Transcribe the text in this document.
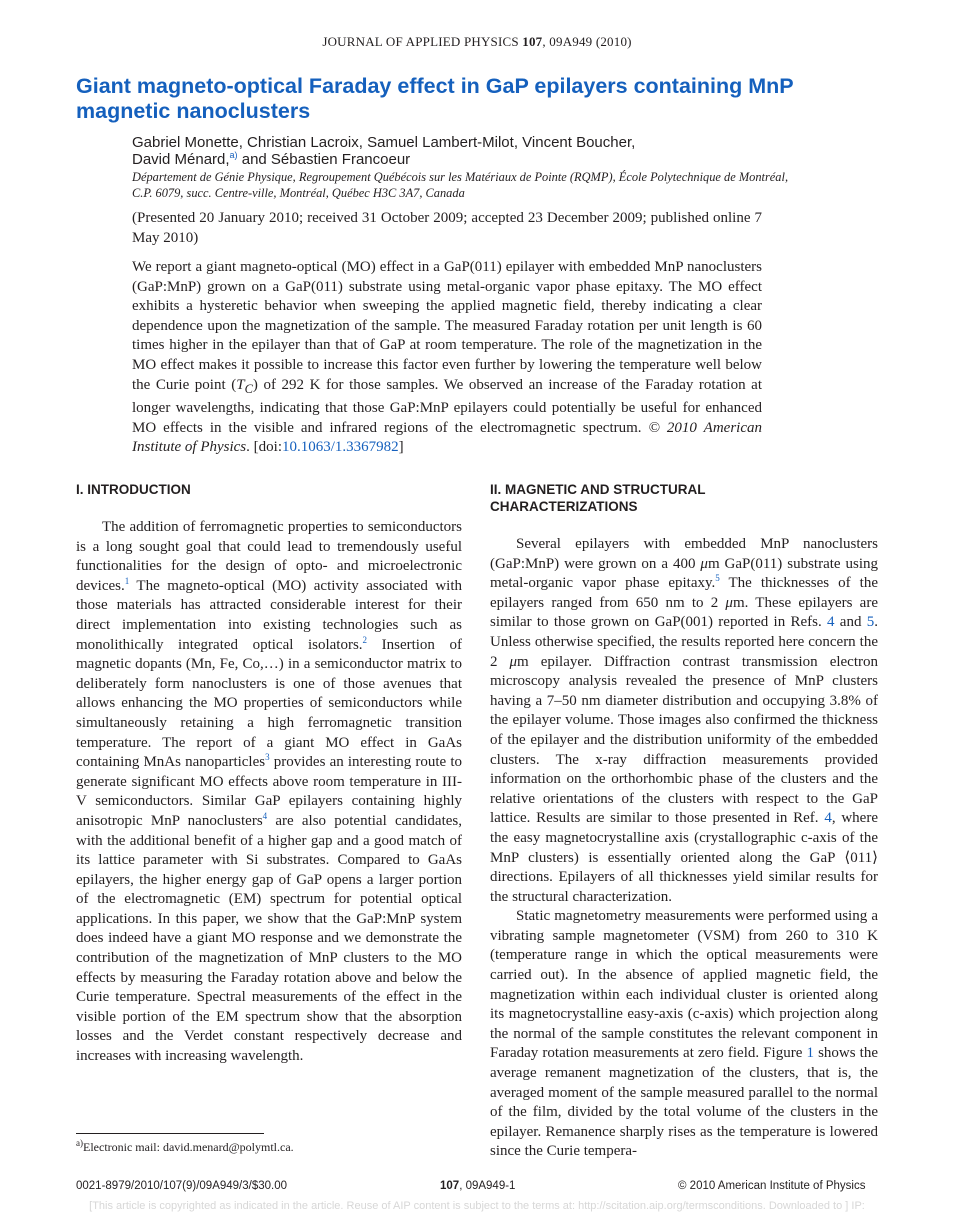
JOURNAL OF APPLIED PHYSICS 107, 09A949 (2010)
Giant magneto-optical Faraday effect in GaP epilayers containing MnP magnetic nanoclusters
Gabriel Monette, Christian Lacroix, Samuel Lambert-Milot, Vincent Boucher,
David Ménard,$^{a)}$ and Sébastien Francoeur
Département de Génie Physique, Regroupement Québécois sur les Matériaux de Pointe (RQMP), École Polytechnique de Montréal, C.P. 6079, succ. Centre-ville, Montréal, Québec H3C 3A7, Canada
(Presented 20 January 2010; received 31 October 2009; accepted 23 December 2009; published online 7 May 2010)
We report a giant magneto-optical (MO) effect in a GaP(011) epilayer with embedded MnP nanoclusters (GaP:MnP) grown on a GaP(011) substrate using metal-organic vapor phase epitaxy. The MO effect exhibits a hysteretic behavior when sweeping the applied magnetic field, thereby indicating a clear dependence upon the magnetization of the sample. The measured Faraday rotation per unit length is 60 times higher in the epilayer than that of GaP at room temperature. The role of the magnetization in the MO effect makes it possible to increase this factor even further by lowering the temperature well below the Curie point $(T_C)$ of 292 K for those samples. We observed an increase of the Faraday rotation at longer wavelengths, indicating that those GaP:MnP epilayers could potentially be useful for enhanced MO effects in the visible and infrared regions of the electromagnetic spectrum. © 2010 American Institute of Physics. [doi:10.1063/1.3367982]
I. INTRODUCTION

The addition of ferromagnetic properties to semiconductors is a long sought goal that could lead to tremendously useful functionalities for the design of opto- and microelectronic devices.$^1$ The magneto-optical (MO) activity associated with those materials has attracted considerable interest for their direct implementation into existing technologies such as monolithically integrated optical isolators.$^2$ Insertion of magnetic dopants (Mn, Fe, Co,…) in a semiconductor matrix to deliberately form nanoclusters is one of those avenues that allows enhancing the MO properties of semiconductors while simultaneously retaining a high ferromagnetic transition temperature. The report of a giant MO effect in GaAs containing MnAs nanoparticles$^3$ provides an interesting route to generate significant MO effects above room temperature in III-V semiconductors. Similar GaP epilayers containing highly anisotropic MnP nanoclusters$^4$ are also potential candidates, with the additional benefit of a higher gap and a good match of its lattice parameter with Si substrates. Compared to GaAs epilayers, the higher energy gap of GaP opens a larger portion of the electromagnetic (EM) spectrum for potential optical applications. In this paper, we show that the GaP:MnP system does indeed have a giant MO response and we demonstrate the contribution of the magnetization of MnP clusters to the MO effects by measuring the Faraday rotation above and below the Curie temperature. Spectral measurements of the effect in the visible portion of the EM spectrum show that the absorption losses and the Verdet constant respectively decrease and increases with increasing wavelength.

II. MAGNETIC AND STRUCTURAL
CHARACTERIZATIONS

Several epilayers with embedded MnP nanoclusters (GaP:MnP) were grown on a 400 μm GaP(011) substrate using metal-organic vapor phase epitaxy.$^5$ The thicknesses of the epilayers ranged from 650 nm to 2 μm. These epilayers are similar to those grown on GaP(001) reported in Refs. 4 and 5. Unless otherwise specified, the results reported here concern the 2 μm epilayer. Diffraction contrast transmission electron microscopy analysis revealed the presence of MnP clusters having a 7–50 nm diameter distribution and occupying 3.8% of the epilayer volume. Those images also confirmed the thickness of the epilayer and the distribution uniformity of the embedded clusters. The x-ray diffraction measurements provided information on the orthorhombic phase of the clusters and the relative orientations of the clusters with respect to the GaP lattice. Results are similar to those presented in Ref. 4, where the easy magnetocrystalline axis (crystallographic c-axis of the MnP clusters) is essentially oriented along the GaP ⟨011⟩ directions. Epilayers of all thicknesses yield similar results for the structural characterization.

Static magnetometry measurements were performed using a vibrating sample magnetometer (VSM) from 260 to 310 K (temperature range in which the optical measurements were carried out). In the absence of applied magnetic field, the magnetization within each individual cluster is oriented along its magnetocrystalline easy-axis (c-axis) which projection along the normal of the sample constitutes the relevant component in Faraday rotation measurements at zero field. Figure 1 shows the average remanent magnetization of the clusters, that is, the averaged moment of the sample measured parallel to the normal of the film, divided by the total volume of the clusters in the epilayer. Remanence sharply rises as the temperature is lowered since the Curie tempera-

$^{a)}$Electronic mail: david.menard@polymtl.ca.
0021-8979/2010/107(9)/09A949/3/$30.00	107, 09A949-1	© 2010 American Institute of Physics
[This article is copyrighted as indicated in the article. Reuse of AIP content is subject to the terms at: http://scitation.aip.org/termsconditions. Downloaded to ] IP:
